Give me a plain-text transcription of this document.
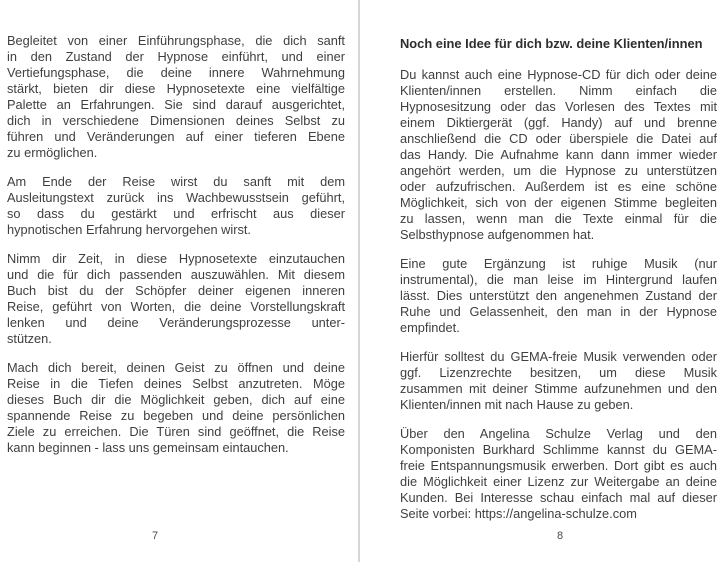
Begleitet von einer Einführungsphase, die dich sanft
in den Zustand der Hypnose einführt, und einer
Vertiefungsphase, die deine innere Wahrnehmung
stärkt, bieten dir diese Hypnosetexte eine vielfältige
Palette an Erfahrungen. Sie sind darauf ausgerichtet,
dich in verschiedene Dimensionen deines Selbst zu
führen und Veränderungen auf einer tieferen Ebene
zu ermöglichen.
Am Ende der Reise wirst du sanft mit dem
Ausleitungstext zurück ins Wachbewusstsein geführt,
so dass du gestärkt und erfrischt aus dieser
hypnotischen Erfahrung hervorgehen wirst.
Nimm dir Zeit, in diese Hypnosetexte einzutauchen
und die für dich passenden auszuwählen. Mit diesem
Buch bist du der Schöpfer deiner eigenen inneren
Reise, geführt von Worten, die deine Vorstellungskraft
lenken und deine Veränderungsprozesse unter-
stützen.
Mach dich bereit, deinen Geist zu öffnen und deine
Reise in die Tiefen deines Selbst anzutreten. Möge
dieses Buch dir die Möglichkeit geben, dich auf eine
spannende Reise zu begeben und deine persönlichen
Ziele zu erreichen. Die Türen sind geöffnet, die Reise
kann beginnen - lass uns gemeinsam eintauchen.
Noch eine Idee für dich bzw. deine Klienten/innen
Du kannst auch eine Hypnose-CD für dich oder deine
Klienten/innen erstellen. Nimm einfach die
Hypnosesitzung oder das Vorlesen des Textes mit
einem Diktiergerät (ggf. Handy) auf und brenne
anschließend die CD oder überspiele die Datei auf
das Handy. Die Aufnahme kann dann immer wieder
angehört werden, um die Hypnose zu unterstützen
oder aufzufrischen. Außerdem ist es eine schöne
Möglichkeit, sich von der eigenen Stimme begleiten
zu lassen, wenn man die Texte einmal für die
Selbsthypnose aufgenommen hat.
Eine gute Ergänzung ist ruhige Musik (nur
instrumental), die man leise im Hintergrund laufen
lässt. Dies unterstützt den angenehmen Zustand der
Ruhe und Gelassenheit, den man in der Hypnose
empfindet.
Hierfür solltest du GEMA-freie Musik verwenden oder
ggf. Lizenzrechte besitzen, um diese Musik
zusammen mit deiner Stimme aufzunehmen und den
Klienten/innen mit nach Hause zu geben.
Über den Angelina Schulze Verlag und den
Komponisten Burkhard Schlimme kannst du GEMA-
freie Entspannungsmusik erwerben. Dort gibt es auch
die Möglichkeit einer Lizenz zur Weitergabe an deine
Kunden. Bei Interesse schau einfach mal auf dieser
Seite vorbei: https://angelina-schulze.com
7	8
